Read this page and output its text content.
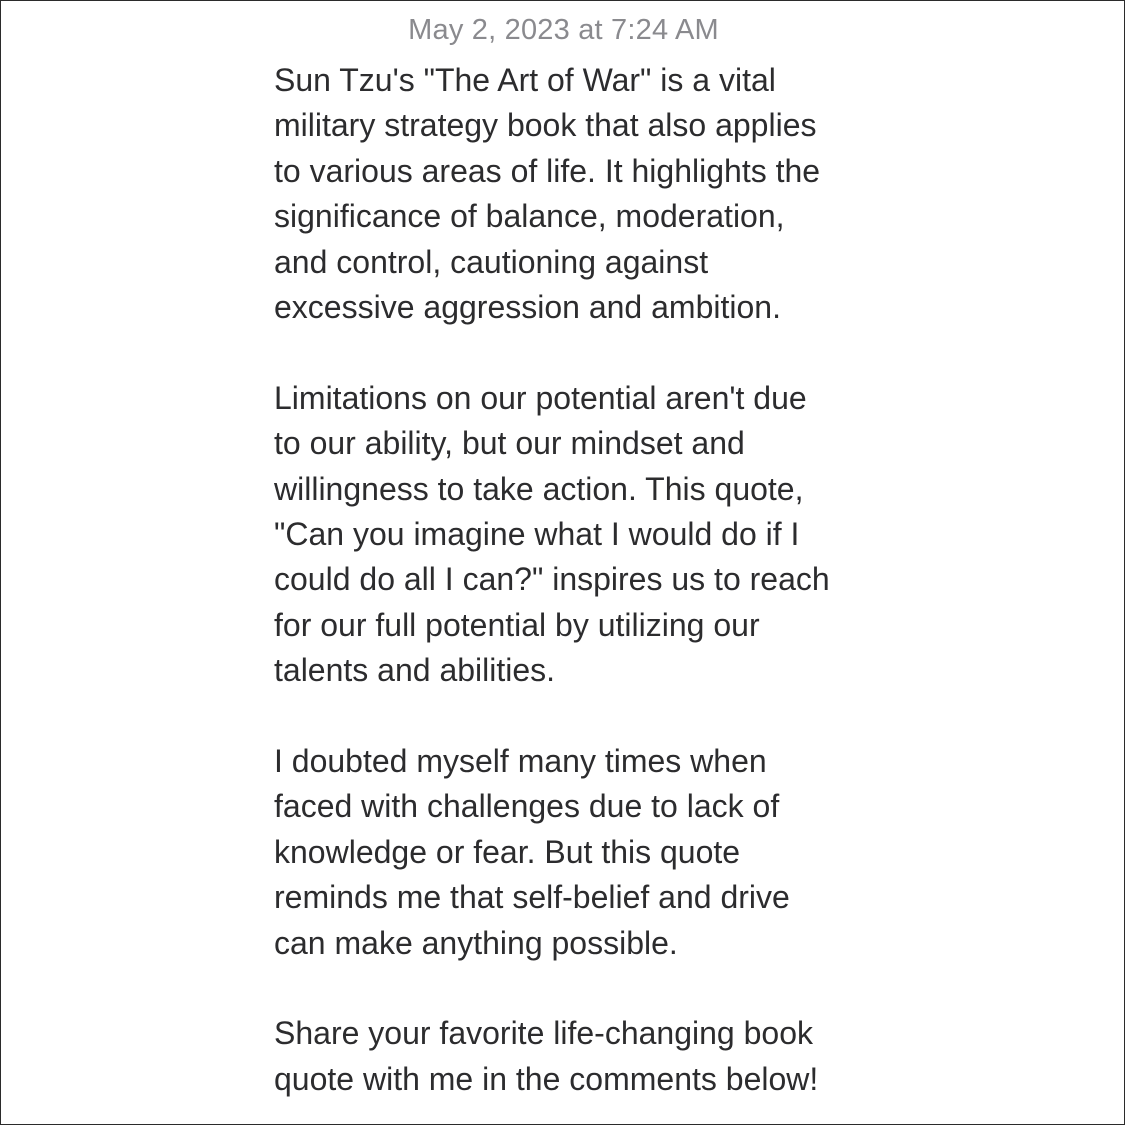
May 2, 2023 at 7:24 AM

Sun Tzu's "The Art of War" is a vital
military strategy book that also applies
to various areas of life. It highlights the
significance of balance, moderation,
and control, cautioning against
excessive aggression and ambition.

Limitations on our potential aren't due
to our ability, but our mindset and
willingness to take action. This quote,
"Can you imagine what I would do if I
could do all I can?" inspires us to reach
for our full potential by utilizing our
talents and abilities.

I doubted myself many times when
faced with challenges due to lack of
knowledge or fear. But this quote
reminds me that self-belief and drive
can make anything possible.

Share your favorite life-changing book
quote with me in the comments below!
